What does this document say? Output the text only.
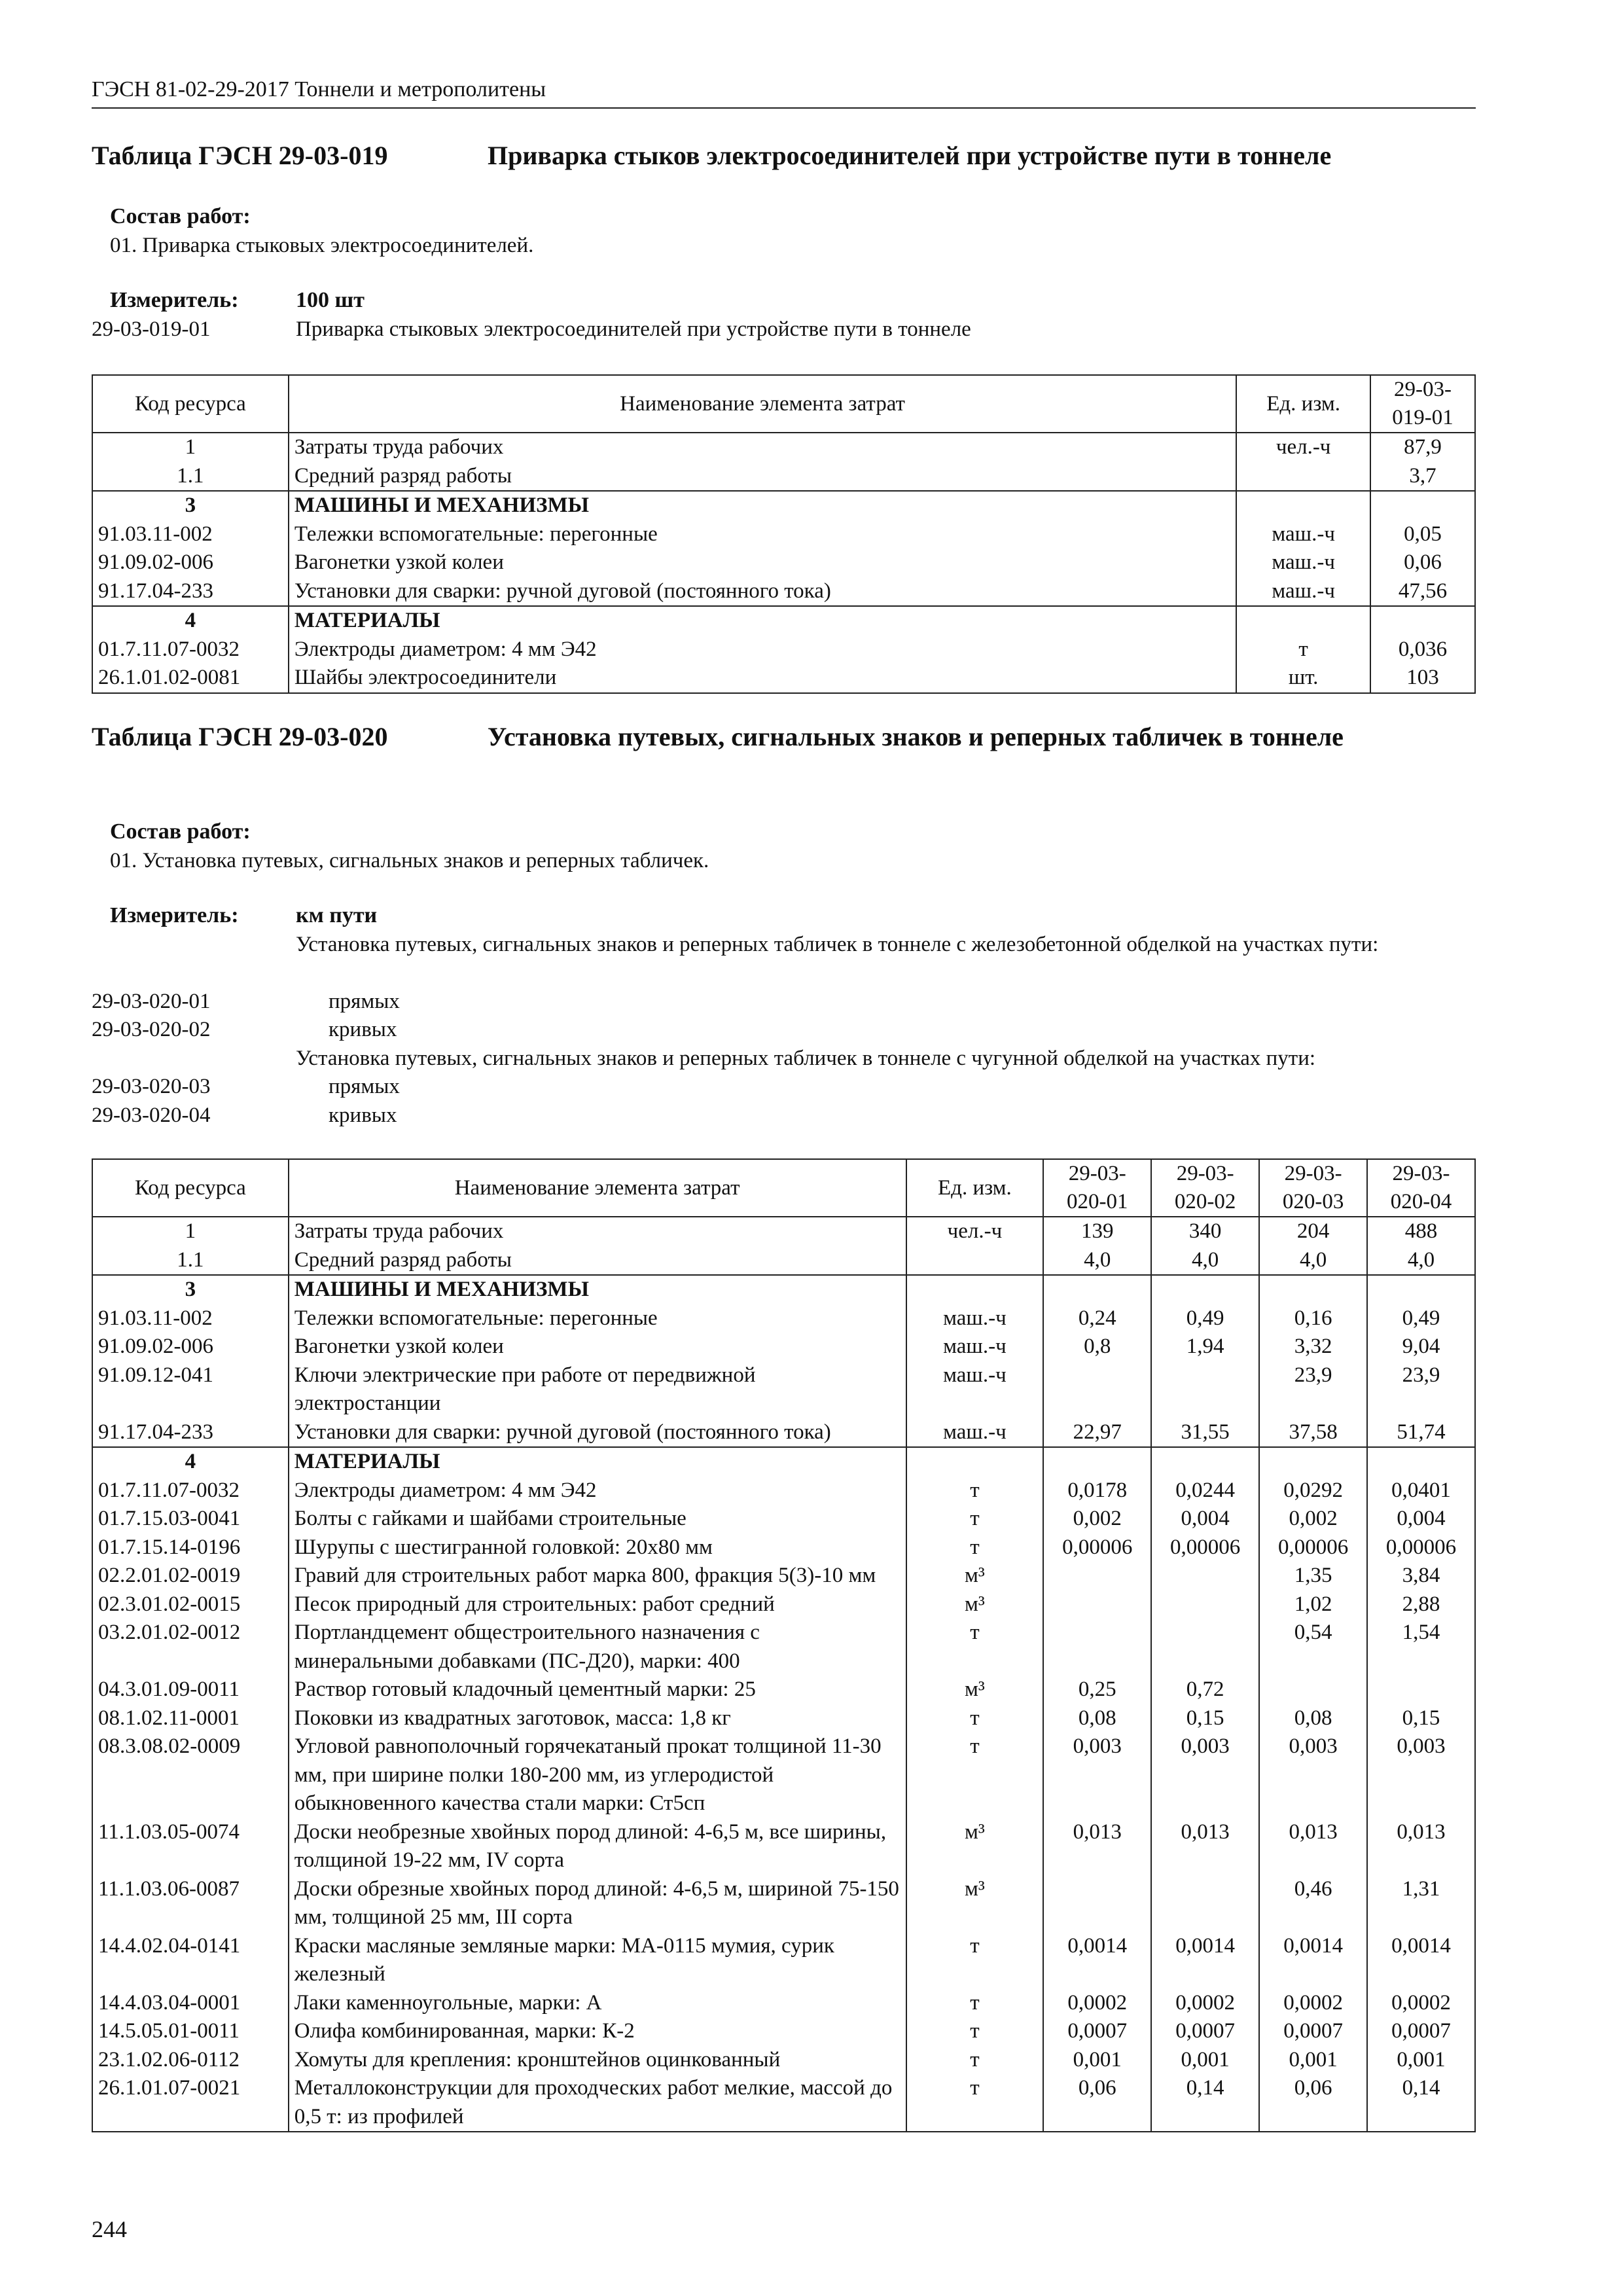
ГЭСН 81-02-29-2017 Тоннели и метрополитены
Таблица ГЭСН 29-03-019	Приварка стыков электросоединителей при устройстве пути в тоннеле
Состав работ:
01. Приварка стыковых электросоединителей.
Измеритель:	100 шт
29-03-019-01	Приварка стыковых электросоединителей при устройстве пути в тоннеле
Код ресурса	Наименование элемента затрат	Ед. изм.	29-03-019-01
1	Затраты труда рабочих	чел.-ч	87,9
1.1	Средний разряд работы		3,7
3	МАШИНЫ И МЕХАНИЗМЫ		
91.03.11-002	Тележки вспомогательные: перегонные	маш.-ч	0,05
91.09.02-006	Вагонетки узкой колеи	маш.-ч	0,06
91.17.04-233	Установки для сварки: ручной дуговой (постоянного тока)	маш.-ч	47,56
4	МАТЕРИАЛЫ		
01.7.11.07-0032	Электроды диаметром: 4 мм Э42	т	0,036
26.1.01.02-0081	Шайбы электросоединители	шт.	103
Таблица ГЭСН 29-03-020	Установка путевых, сигнальных знаков и реперных табличек в тоннеле
Состав работ:
01. Установка путевых, сигнальных знаков и реперных табличек.
Измеритель:	км пути
Установка путевых, сигнальных знаков и реперных табличек в тоннеле с железобетонной обделкой на участках пути:
29-03-020-01	прямых
29-03-020-02	кривых
Установка путевых, сигнальных знаков и реперных табличек в тоннеле с чугунной обделкой на участках пути:
29-03-020-03	прямых
29-03-020-04	кривых
Код ресурса	Наименование элемента затрат	Ед. изм.	29-03-020-01	29-03-020-02	29-03-020-03	29-03-020-04
1	Затраты труда рабочих	чел.-ч	139	340	204	488
1.1	Средний разряд работы		4,0	4,0	4,0	4,0
3	МАШИНЫ И МЕХАНИЗМЫ					
91.03.11-002	Тележки вспомогательные: перегонные	маш.-ч	0,24	0,49	0,16	0,49
91.09.02-006	Вагонетки узкой колеи	маш.-ч	0,8	1,94	3,32	9,04
91.09.12-041	Ключи электрические при работе от передвижной электростанции	маш.-ч			23,9	23,9
91.17.04-233	Установки для сварки: ручной дуговой (постоянного тока)	маш.-ч	22,97	31,55	37,58	51,74
4	МАТЕРИАЛЫ					
01.7.11.07-0032	Электроды диаметром: 4 мм Э42	т	0,0178	0,0244	0,0292	0,0401
01.7.15.03-0041	Болты с гайками и шайбами строительные	т	0,002	0,004	0,002	0,004
01.7.15.14-0196	Шурупы с шестигранной головкой: 20х80 мм	т	0,00006	0,00006	0,00006	0,00006
02.2.01.02-0019	Гравий для строительных работ марка 800, фракция 5(3)-10 мм	м³			1,35	3,84
02.3.01.02-0015	Песок природный для строительных: работ средний	м³			1,02	2,88
03.2.01.02-0012	Портландцемент общестроительного назначения с минеральными добавками (ПС-Д20), марки: 400	т			0,54	1,54
04.3.01.09-0011	Раствор готовый кладочный цементный марки: 25	м³	0,25	0,72		
08.1.02.11-0001	Поковки из квадратных заготовок, масса: 1,8 кг	т	0,08	0,15	0,08	0,15
08.3.08.02-0009	Угловой равнополочный горячекатаный прокат толщиной 11-30 мм, при ширине полки 180-200 мм, из углеродистой обыкновенного качества стали марки: Ст5сп	т	0,003	0,003	0,003	0,003
11.1.03.05-0074	Доски необрезные хвойных пород длиной: 4-6,5 м, все ширины, толщиной 19-22 мм, IV сорта	м³	0,013	0,013	0,013	0,013
11.1.03.06-0087	Доски обрезные хвойных пород длиной: 4-6,5 м, шириной 75-150 мм, толщиной 25 мм, III сорта	м³			0,46	1,31
14.4.02.04-0141	Краски масляные земляные марки: МА-0115 мумия, сурик железный	т	0,0014	0,0014	0,0014	0,0014
14.4.03.04-0001	Лаки каменноугольные, марки: А	т	0,0002	0,0002	0,0002	0,0002
14.5.05.01-0011	Олифа комбинированная, марки: К-2	т	0,0007	0,0007	0,0007	0,0007
23.1.02.06-0112	Хомуты для крепления: кронштейнов оцинкованный	т	0,001	0,001	0,001	0,001
26.1.01.07-0021	Металлоконструкции для проходческих работ мелкие, массой до 0,5 т: из профилей	т	0,06	0,14	0,06	0,14
244
